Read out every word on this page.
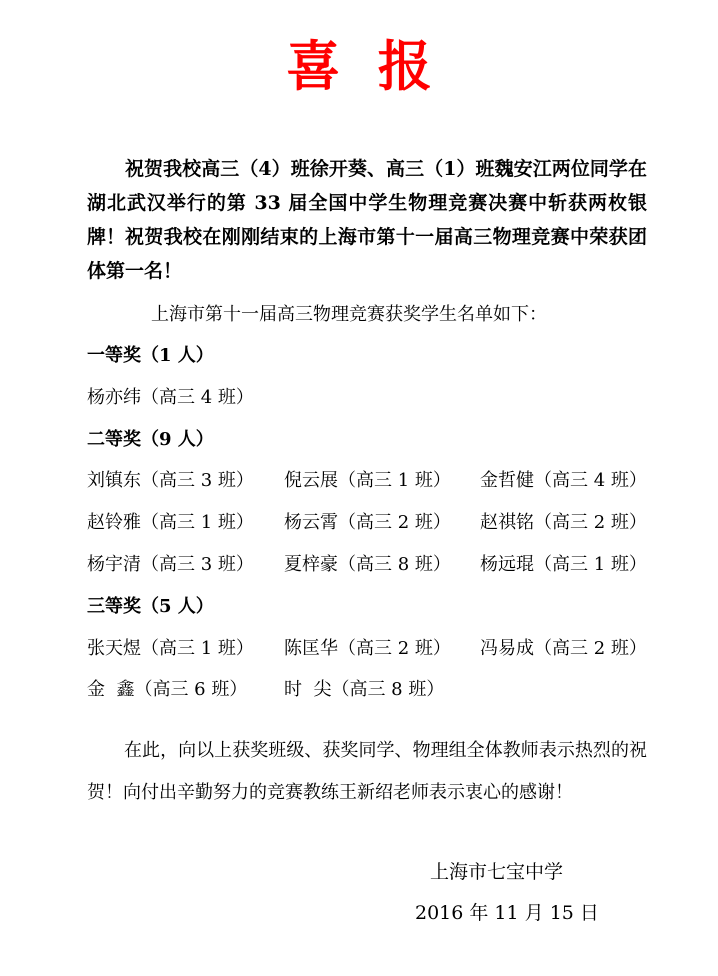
喜  报
祝贺我校高三（4）班徐开葵、高三（1）班魏安江两位同学在湖北武汉举行的第 33 届全国中学生物理竞赛决赛中斩获两枚银牌！ 祝贺我校在刚刚结束的上海市第十一届高三物理竞赛中荣获团体第一名！
上海市第十一届高三物理竞赛获奖学生名单如下：
一等奖（1 人）
杨亦纬（高三 4 班）
二等奖（9 人）
刘镇东（高三 3 班） 倪云展（高三 1 班） 金哲健（高三 4 班）
赵铃雅（高三 1 班） 杨云霄（高三 2 班） 赵祺铭（高三 2 班）
杨宇清（高三 3 班） 夏梓豪（高三 8 班） 杨远琨（高三 1 班）
三等奖（5 人）
张天煜（高三 1 班） 陈匡华（高三 2 班） 冯易成（高三 2 班）
金  鑫（高三 6 班） 时  尖（高三 8 班）
在此，向以上获奖班级、获奖同学、物理组全体教师表示热烈的祝贺！向付出辛勤努力的竞赛教练王新绍老师表示衷心的感谢！
上海市七宝中学
2016 年 11 月 15 日
